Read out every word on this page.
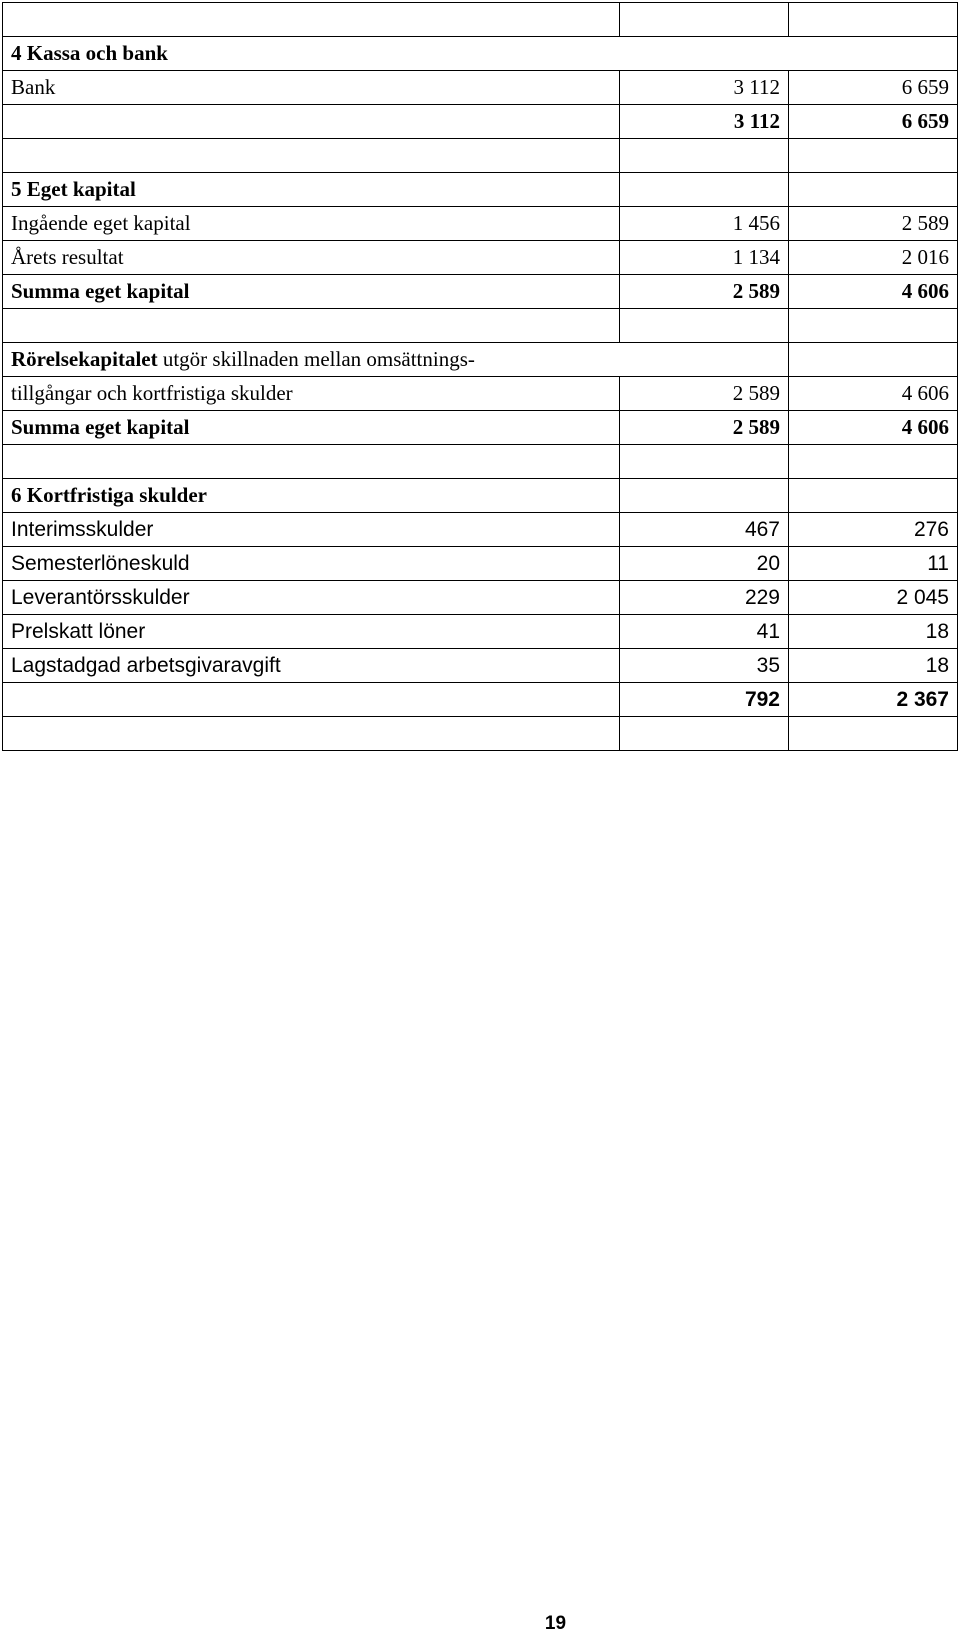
4 Kassa och bank		
Bank	3 112	6 659
	3 112	6 659

5 Eget kapital		
Ingående eget kapital	1 456	2 589
Årets resultat	1 134	2 016
Summa eget kapital	2 589	4 606

Rörelsekapitalet utgör skillnaden mellan omsättnings-		
tillgångar och kortfristiga skulder	2 589	4 606
Summa eget kapital	2 589	4 606

6 Kortfristiga skulder		
Interimsskulder	467	276
Semesterlöneskuld	20	11
Leverantörsskulder	229	2 045
Prelskatt löner	41	18
Lagstadgad arbetsgivaravgift	35	18
	792	2 367

19
